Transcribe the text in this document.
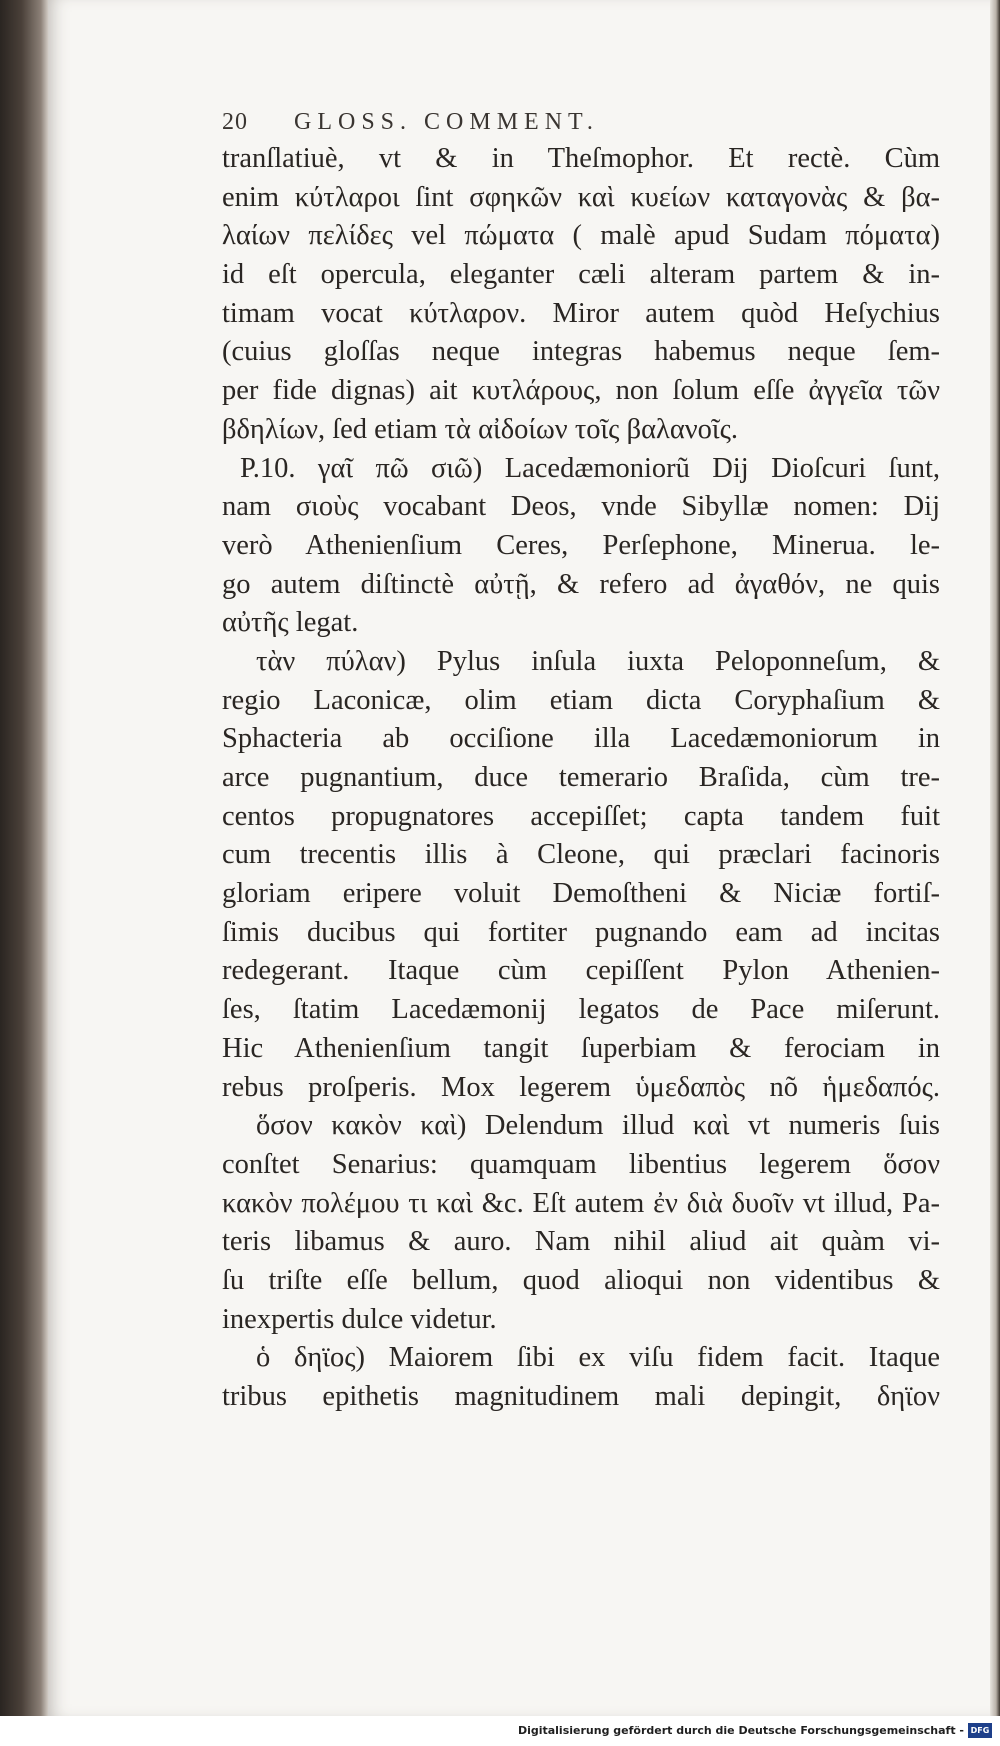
20 GLOSS. COMMENT.
tranſlatiuè, vt & in Theſmophor. Et rectè. Cùm
enim κύτλαροι ſint σφηκῶν καὶ κυείων καταγονὰς & βα-
λαίων πελίδες vel πώματα ( malè apud Sudam πόματα)
id eſt opercula, eleganter cæli alteram partem & in-
timam vocat κύτλαρον. Miror autem quòd Heſychius
(cuius gloſſas neque integras habemus neque ſem-
per fide dignas) ait κυτλάρους, non ſolum eſſe ἀγγεῖα τῶν
βδηλίων, ſed etiam τὰ αἰδοίων τοῖς βαλανοῖς.
P.10. γαῖ πῶ σιῶ) Lacedæmoniorũ Dij Dioſcuri ſunt,
nam σιοὺς vocabant Deos, vnde Sibyllæ nomen: Dij
verò Athenienſium Ceres, Perſephone, Minerua. le-
go autem diſtinctè αὐτῇ, & refero ad ἀγαθόν, ne quis
αὐτῆς legat.
τὰν πύλαν) Pylus inſula iuxta Peloponneſum, &
regio Laconicæ, olim etiam dicta Coryphaſium &
Sphacteria ab occiſione illa Lacedæmoniorum in
arce pugnantium, duce temerario Braſida, cùm tre-
centos propugnatores accepiſſet; capta tandem fuit
cum trecentis illis à Cleone, qui præclari facinoris
gloriam eripere voluit Demoſtheni & Niciæ fortiſ-
ſimis ducibus qui fortiter pugnando eam ad incitas
redegerant. Itaque cùm cepiſſent Pylon Athenien-
ſes, ſtatim Lacedæmonij legatos de Pace miſerunt.
Hic Athenienſium tangit ſuperbiam & ferociam in
rebus proſperis. Mox legerem ὑμεδαπὸς nõ ἡμεδαπός.
ὅσον κακὸν καὶ) Delendum illud καὶ vt numeris ſuis
conſtet Senarius: quamquam libentius legerem ὅσον
κακὸν πολέμου τι καὶ &c. Eſt autem ἐν διὰ δυοῖν vt illud, Pa-
teris libamus & auro. Nam nihil aliud ait quàm vi-
ſu triſte eſſe bellum, quod alioqui non videntibus &
inexpertis dulce videtur.
ὁ δηϊος) Maiorem ſibi ex viſu fidem facit. Itaque
tribus epithetis magnitudinem mali depingit, δηϊον
Digitalisierung gefördert durch die Deutsche Forschungsgemeinschaft - DFG
